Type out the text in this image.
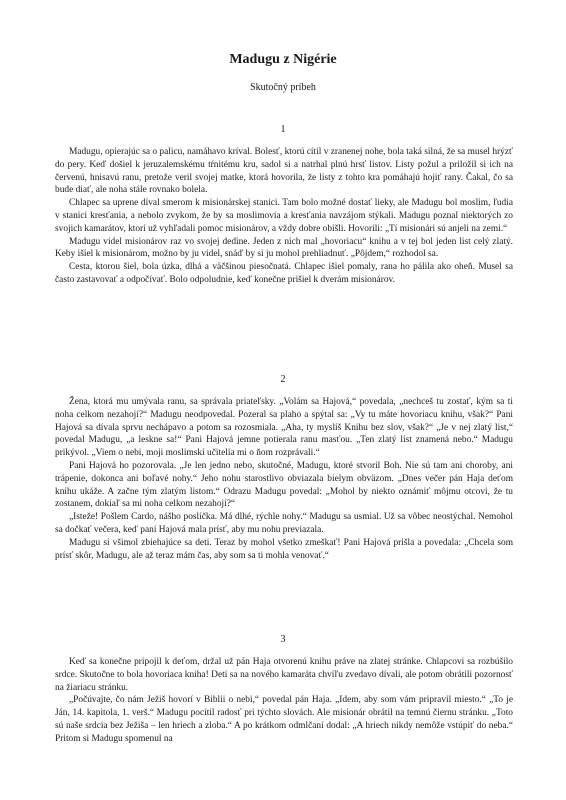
Madugu z Nigérie
Skutočný príbeh
1

Madugu, opierajúc sa o palicu, namáhavo kríval. Bolesť, ktorú cítil v zranenej nohe, bola taká silná, že sa musel hrýzť do pery. Keď došiel k jeruzalemskému tŕnitému kru, sadol si a natrhal plnú hrsť listov. Listy požul a priložil si ich na červenú, hnisavú ranu, pretože veril svojej matke, ktorá hovorila, že listy z tohto kra pomáhajú hojiť rany. Čakal, čo sa bude diať, ale noha stále rovnako bolela.

Chlapec sa uprene díval smerom k misionárskej stanici. Tam bolo možné dostať lieky, ale Madugu bol moslim, ľudia v stanici kresťania, a nebolo zvykom, že by sa moslimovia a kresťania navzájom stýkali. Madugu poznal niektorých zo svojich kamarátov, ktorí už vyhľadali pomoc misionárov, a vždy dobre obišli. Hovorili: „Tí misionári sú anjeli na zemi.“

Madugu videl misionárov raz vo svojej dedine. Jeden z nich mal „hovoriacu“ knihu a v tej bol jeden list celý zlatý. Keby išiel k misionárom, možno by ju videl, snáď by si ju mohol prehliadnuť. „Pôjdem,“ rozhodol sa.

Cesta, ktorou šiel, bola úzka, dlhá a väčšinou piesočnatá. Chlapec išiel pomaly, rana ho pálila ako oheň. Musel sa často zastavovať a odpočívať. Bolo odpoludnie, keď konečne prišiel k dverám misionárov.

2

Žena, ktorá mu umývala ranu, sa správala priateľsky. „Volám sa Hajová,“ povedala, „nechceš tu zostať, kým sa ti noha celkom nezahojí?“ Madugu neodpovedal. Pozeral sa plaho a spýtal sa: „Vy tu máte hovoriacu knihu, však?“ Pani Hajová sa dívala sprvu nechápavo a potom sa rozosmiala. „Aha, ty myslíš Knihu bez slov, však?“ „Je v nej zlatý list,“ povedal Madugu, „a leskne sa!“ Pani Hajová jemne potierala ranu masťou. „Ten zlatý list znamená nebo.“ Madugu prikývol. „Viem o nebi, moji moslimskí učitelia mi o ňom rozprávali.“

Pani Hajová ho pozorovala. „Je len jedno nebo, skutočné, Madugu, ktoré stvoril Boh. Nie sú tam ani choroby, ani trápenie, dokonca ani boľavé nohy.“ Jeho nohu starostlivo obviazala bielym obväzom. „Dnes večer pán Haja deťom knihu ukáže. A začne tým zlatým listom.“ Odrazu Madugu povedal: „Mohol by niekto oznámiť môjmu otcovi, že tu zostanem, dokiaľ sa mi noha celkom nezahojí?“

„Isteže! Pošlem Cardo, nášho poslíčka. Má dlhé, rýchle nohy.“ Madugu sa usmial. Už sa vôbec neostýchal. Nemohol sa dočkať večera, keď pani Hajová mala prísť, aby mu nohu previazala.

Madugu si všimol zbiehajúce sa deti. Teraz by mohol všetko zmeškať! Pani Hajová prišla a povedala: „Chcela som prísť skôr, Madugu, ale až teraz mám čas, aby som sa ti mohla venovať.“

3

Keď sa konečne pripojil k deťom, držal už pán Haja otvorenú knihu práve na zlatej stránke. Chlapcovi sa rozbúšilo srdce. Skutočne to bola hovoriaca kniha! Deti sa na nového kamaráta chvíľu zvedavo dívali, ale potom obrátili pozornosť na žiariacu stránku.

„Počúvajte, čo nám Ježiš hovorí v Biblii o nebi,“ povedal pán Haja. „Idem, aby som vám pripravil miesto.“ „To je Ján, 14. kapitola, 1. verš.“ Madugu pocítil radosť pri týchto slovách. Ale misionár obrátil na temnú čiernu stránku. „Toto sú naše srdcia bez Ježiša – len hriech a zloba.“ A po krátkom odmlčaní dodal: „A hriech nikdy nemôže vstúpiť do neba.“ Pritom si Madugu spomenul na
